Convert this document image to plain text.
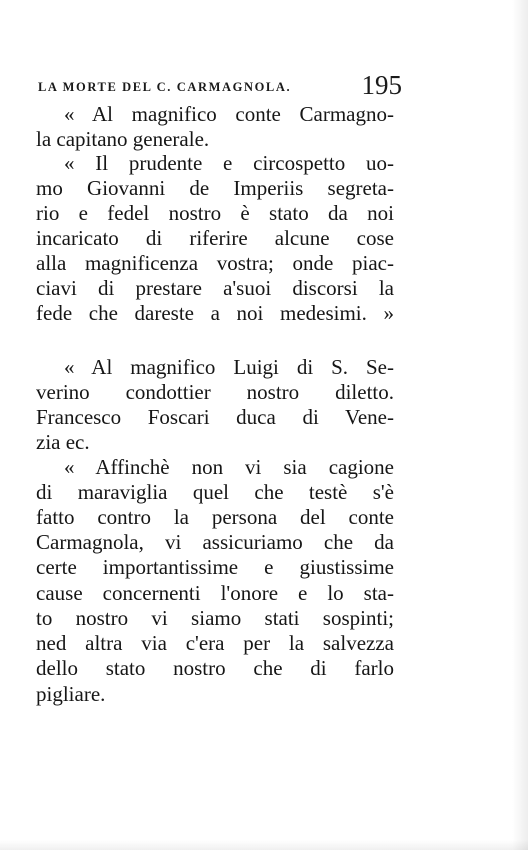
LA MORTE DEL C. CARMAGNOLA.	195
« Al magnifico conte Carmagno-
la capitano generale.
« Il prudente e circospetto uo-
mo Giovanni de Imperiis segreta-
rio e fedel nostro è stato da noi
incaricato di riferire alcune cose
alla magnificenza vostra; onde piac-
ciavi di prestare a'suoi discorsi la
fede che dareste a noi medesimi. »
« Al magnifico Luigi di S. Se-
verino condottier nostro diletto.
Francesco Foscari duca di Vene-
zia ec.
« Affinchè non vi sia cagione
di maraviglia quel che testè s'è
fatto contro la persona del conte
Carmagnola, vi assicuriamo che da
certe importantissime e giustissime
cause concernenti l'onore e lo sta-
to nostro vi siamo stati sospinti;
ned altra via c'era per la salvezza
dello stato nostro che di farlo
pigliare.
